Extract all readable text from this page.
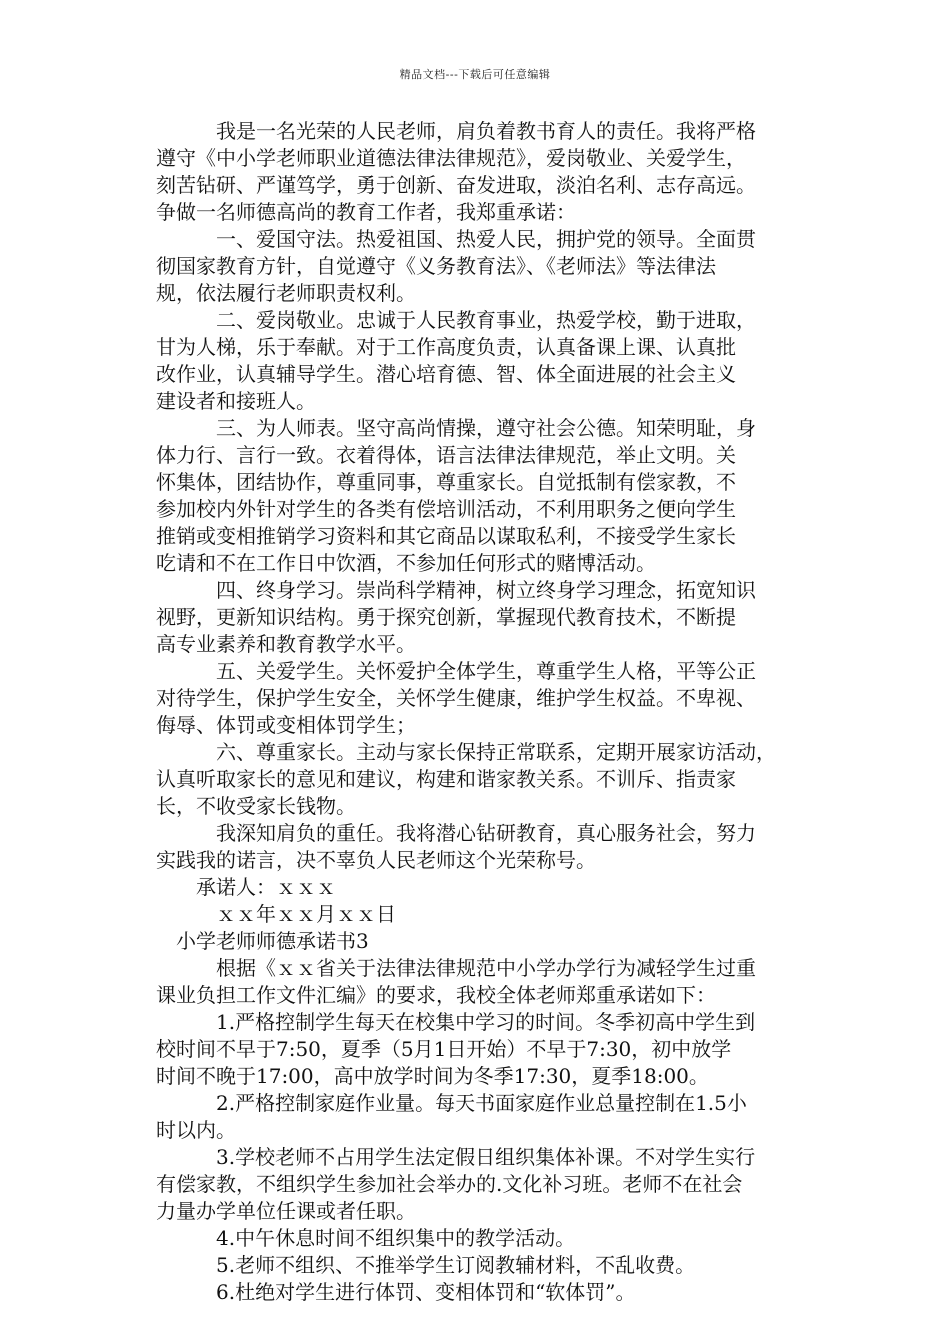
精品文档---下载后可任意编辑
　　　我是一名光荣的人民老师，肩负着教书育人的责任。我将严格
遵守《中小学老师职业道德法律法律规范》，爱岗敬业、关爱学生，
刻苦钻研、严谨笃学，勇于创新、奋发进取，淡泊名利、志存高远。
争做一名师德高尚的教育工作者，我郑重承诺：
　　　一、爱国守法。热爱祖国、热爱人民，拥护党的领导。全面贯
彻国家教育方针，自觉遵守《义务教育法》、《老师法》等法律法
规，依法履行老师职责权利。
　　　二、爱岗敬业。忠诚于人民教育事业，热爱学校，勤于进取，
甘为人梯，乐于奉献。对于工作高度负责，认真备课上课、认真批
改作业，认真辅导学生。潜心培育德、智、体全面进展的社会主义
建设者和接班人。
　　　三、为人师表。坚守高尚情操，遵守社会公德。知荣明耻，身
体力行、言行一致。衣着得体，语言法律法律规范，举止文明。关
怀集体，团结协作，尊重同事，尊重家长。自觉抵制有偿家教，不
参加校内外针对学生的各类有偿培训活动，不利用职务之便向学生
推销或变相推销学习资料和其它商品以谋取私利，不接受学生家长
吃请和不在工作日中饮酒，不参加任何形式的赌博活动。
　　　四、终身学习。崇尚科学精神，树立终身学习理念，拓宽知识
视野，更新知识结构。勇于探究创新，掌握现代教育技术，不断提
高专业素养和教育教学水平。
　　　五、关爱学生。关怀爱护全体学生，尊重学生人格，平等公正
对待学生，保护学生安全，关怀学生健康，维护学生权益。不卑视、
侮辱、体罚或变相体罚学生；
　　　六、尊重家长。主动与家长保持正常联系，定期开展家访活动，
认真听取家长的意见和建议，构建和谐家教关系。不训斥、指责家
长，不收受家长钱物。
　　　我深知肩负的重任。我将潜心钻研教育，真心服务社会，努力
实践我的诺言，决不辜负人民老师这个光荣称号。
　　承诺人：ｘｘｘ
　　　ｘｘ年ｘｘ月ｘｘ日
　小学老师师德承诺书3
　　　根据《ｘｘ省关于法律法律规范中小学办学行为减轻学生过重
课业负担工作文件汇编》的要求，我校全体老师郑重承诺如下：
　　　1.严格控制学生每天在校集中学习的时间。冬季初高中学生到
校时间不早于7:50，夏季（5月1日开始）不早于7:30，初中放学
时间不晚于17:00，高中放学时间为冬季17:30，夏季18:00。
　　　2.严格控制家庭作业量。每天书面家庭作业总量控制在1.5小
时以内。
　　　3.学校老师不占用学生法定假日组织集体补课。不对学生实行
有偿家教，不组织学生参加社会举办的.文化补习班。老师不在社会
力量办学单位任课或者任职。
　　　4.中午休息时间不组织集中的教学活动。
　　　5.老师不组织、不推举学生订阅教辅材料，不乱收费。
　　　6.杜绝对学生进行体罚、变相体罚和“软体罚”。
